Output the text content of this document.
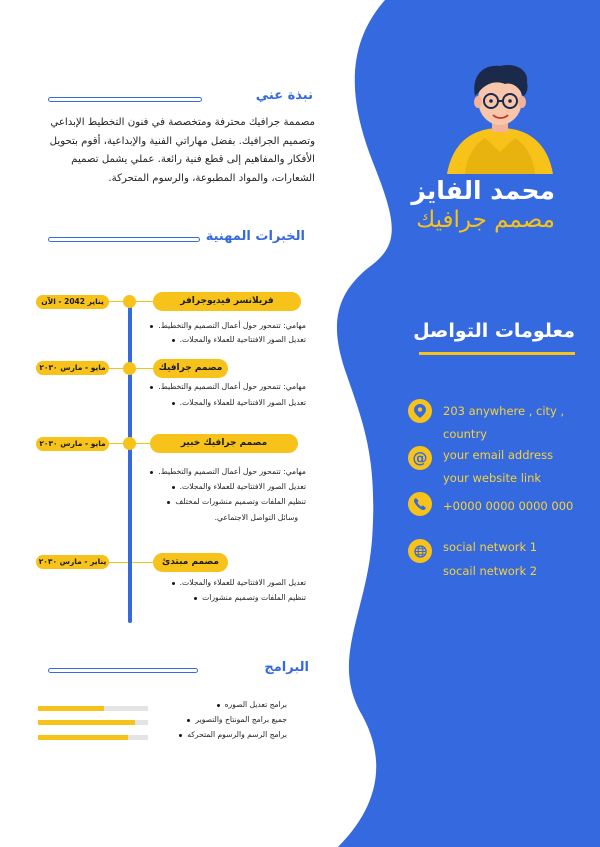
محمد الفايز
مصمم جرافيك
نبذة عني
مصممة جرافيك محترفة ومتخصصة في فنون التخطيط الإبداعي وتصميم الجرافيك. بفضل مهاراتي الفنية والإبداعية، أقوم بتحويل الأفكار والمفاهيم إلى قطع فنية رائعة. عملي يشمل تصميم الشعارات، والمواد المطبوعة، والرسوم المتحركة.
الخبرات المهنية
فريلانسر فيديوجرافر
يناير 2042 - الآن
مهامي: تتمحور حول أعمال التصميم والتخطيط.
تعديل الصور الافتتاحية للعملاء والمجلات.
مصمم جرافيك
مايو - مارس ٢٠٣٠
مهامي: تتمحور حول أعمال التصميم والتخطيط.
تعديل الصور الافتتاحية للعملاء والمجلات.
مصمم جرافيك خبير
مايو - مارس ٢٠٣٠
مهامي: تتمحور حول أعمال التصميم والتخطيط.
تعديل الصور الافتتاحية للعملاء والمجلات.
تنظيم الملفات وتصميم منشورات لمختلف
وسائل التواصل الاجتماعي.
مصمم مبتدئ
يناير - مارس ٢٠٣٠
تعديل الصور الافتتاحية للعملاء والمجلات.
تنظيم الملفات وتصميم منشورات
البرامج
برامج تعديل الصوره
جميع برامج المونتاج والتصوير
برامج الرسم والرسوم المتحركه
معلومات التواصل
203 anywhere , city ,
country
@ your email address
your website link
+0000 0000 0000 000
social network 1
socail network 2
